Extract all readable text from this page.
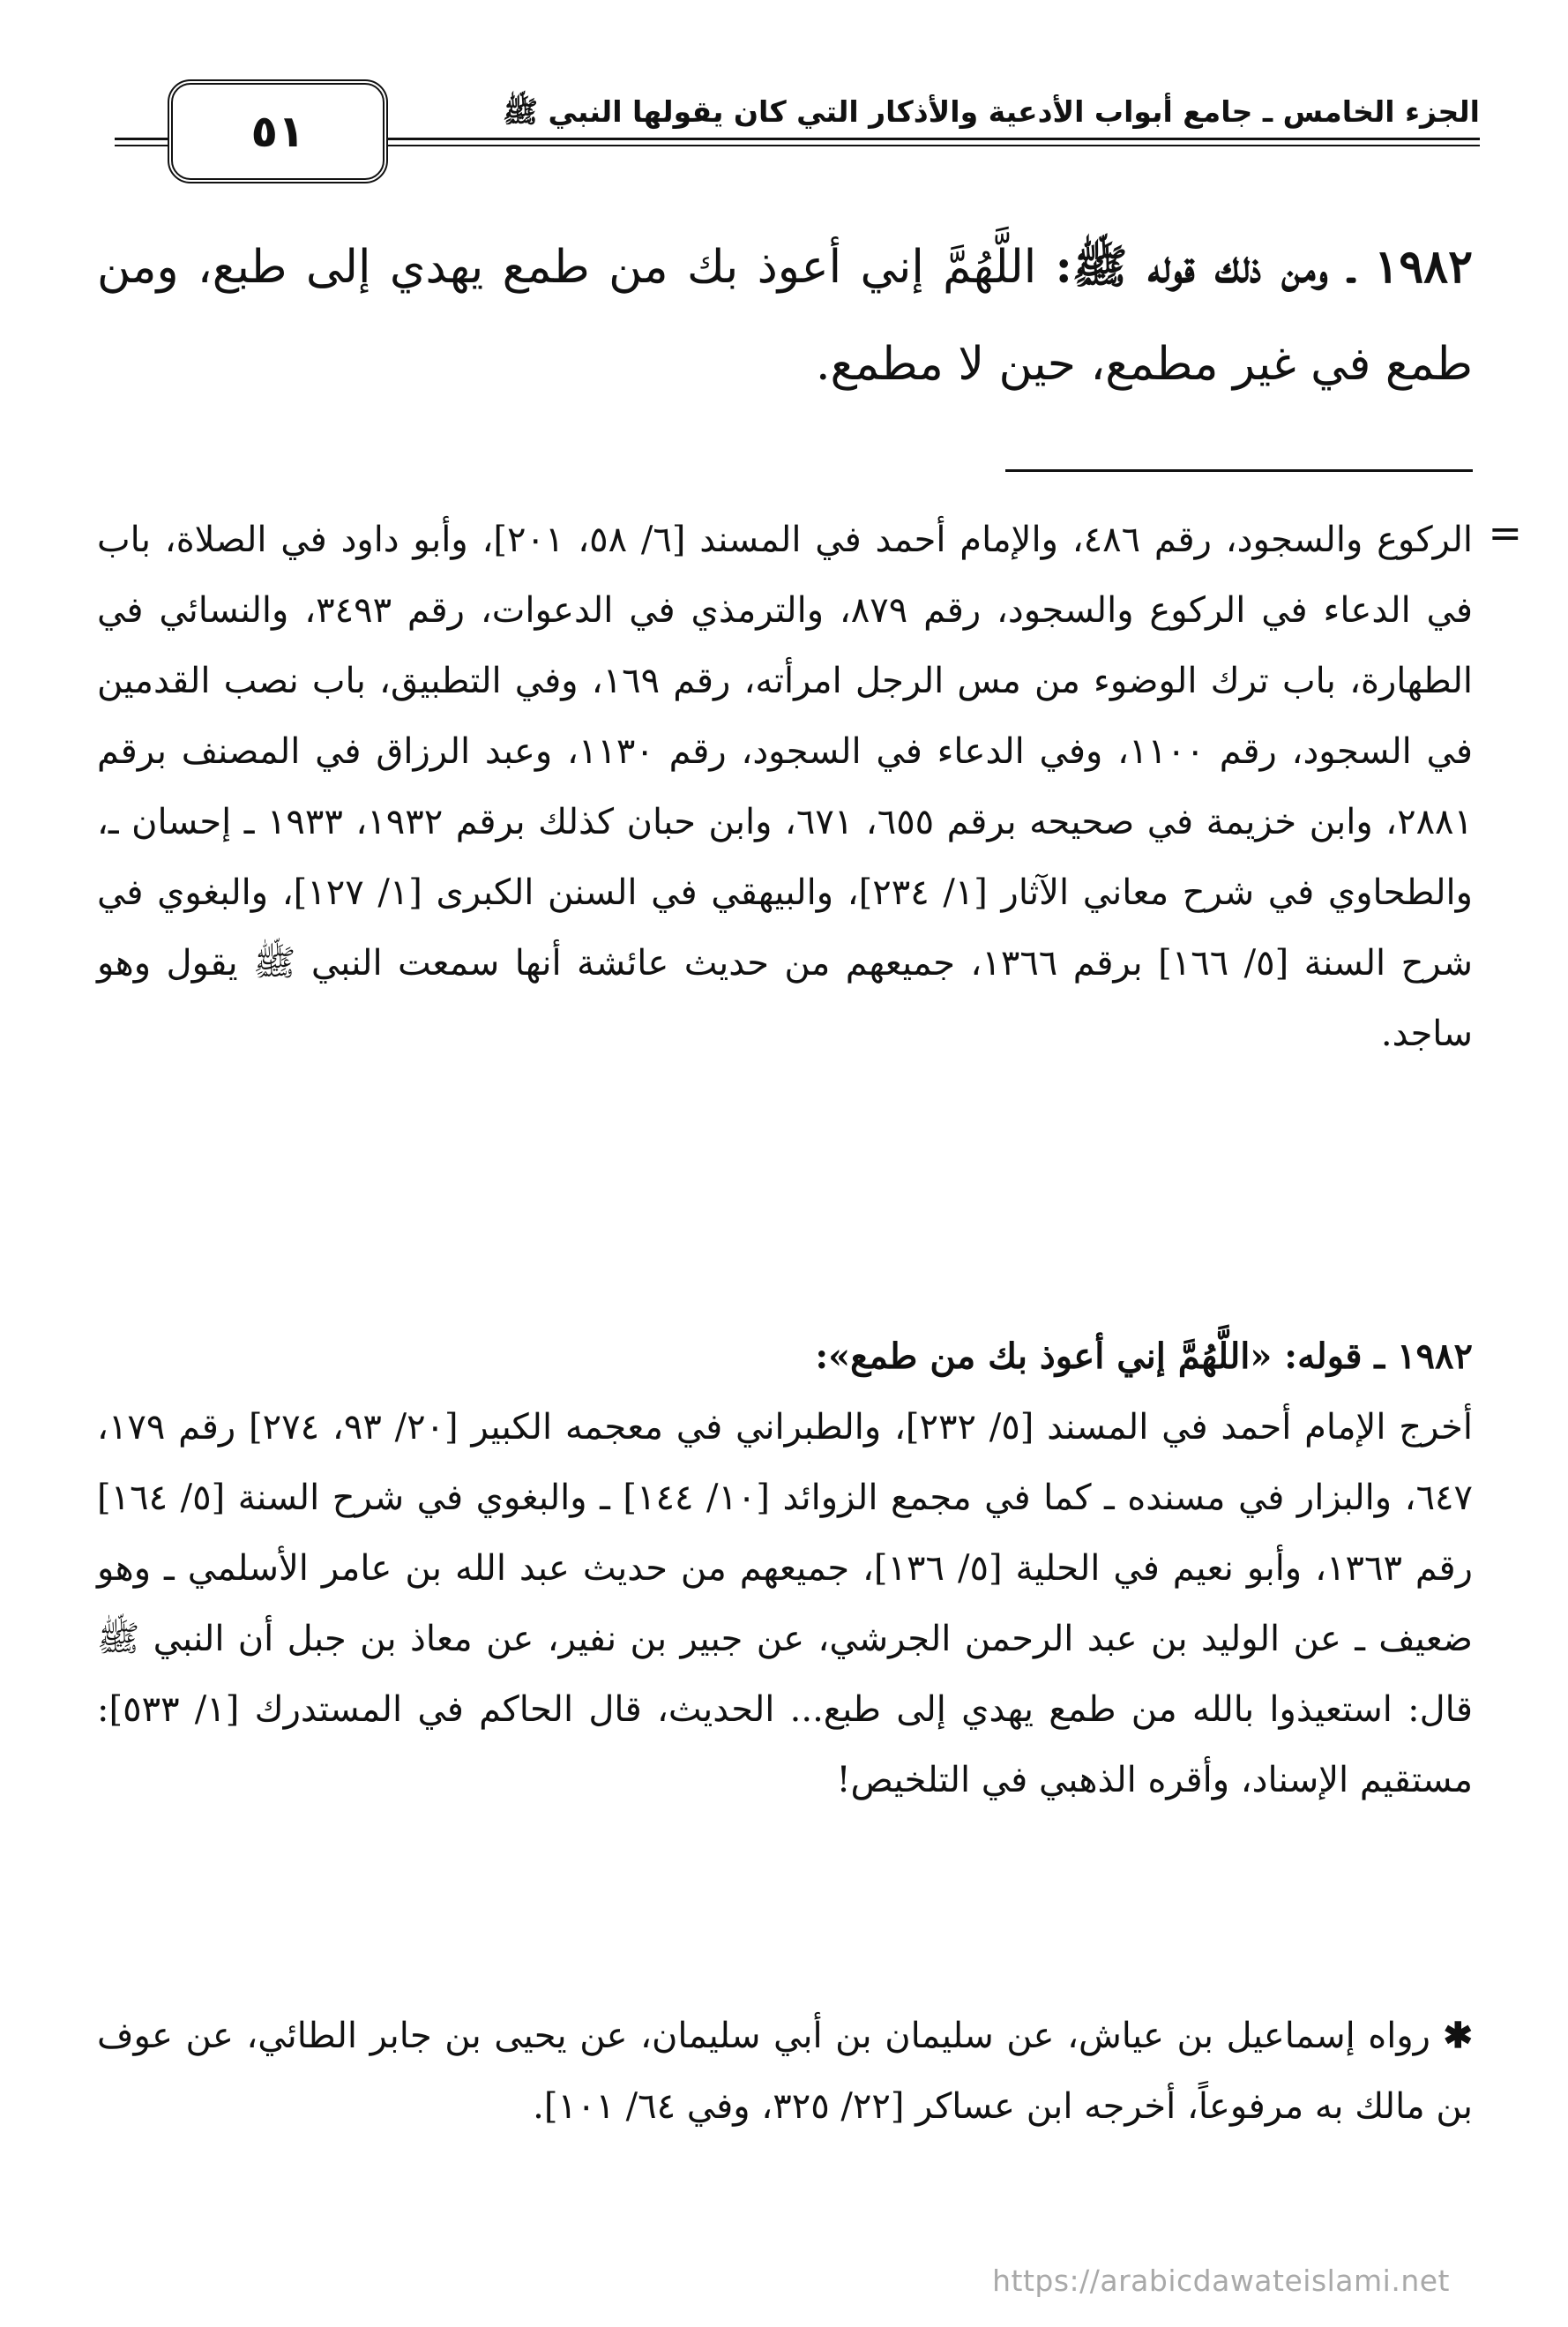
الجزء الخامس ـ جامع أبواب الأدعية والأذكار التي كان يقولها النبي ﷺ
٥١
١٩٨٢ ـ ومن ذلك قوله ﷺ: اللَّهُمَّ إني أعوذ بك من طمع يهدي إلى طبع، ومن طمع في غير مطمع، حين لا مطمع.
=
الركوع والسجود، رقم ٤٨٦، والإمام أحمد في المسند [٦/ ٥٨، ٢٠١]، وأبو داود في الصلاة، باب في الدعاء في الركوع والسجود، رقم ٨٧٩، والترمذي في الدعوات، رقم ٣٤٩٣، والنسائي في الطهارة، باب ترك الوضوء من مس الرجل امرأته، رقم ١٦٩، وفي التطبيق، باب نصب القدمين في السجود، رقم ١١٠٠، وفي الدعاء في السجود، رقم ١١٣٠، وعبد الرزاق في المصنف برقم ٢٨٨١، وابن خزيمة في صحيحه برقم ٦٥٥، ٦٧١، وابن حبان كذلك برقم ١٩٣٢، ١٩٣٣ ـ إحسان ـ، والطحاوي في شرح معاني الآثار [١/ ٢٣٤]، والبيهقي في السنن الكبرى [١/ ١٢٧]، والبغوي في شرح السنة [٥/ ١٦٦] برقم ١٣٦٦، جميعهم من حديث عائشة أنها سمعت النبي ﷺ يقول وهو ساجد.
١٩٨٢ ـ قوله: «اللَّهُمَّ إني أعوذ بك من طمع»:
أخرج الإمام أحمد في المسند [٥/ ٢٣٢]، والطبراني في معجمه الكبير [٢٠/ ٩٣، ٢٧٤] رقم ١٧٩، ٦٤٧، والبزار في مسنده ـ كما في مجمع الزوائد [١٠/ ١٤٤] ـ والبغوي في شرح السنة [٥/ ١٦٤] رقم ١٣٦٣، وأبو نعيم في الحلية [٥/ ١٣٦]، جميعهم من حديث عبد الله بن عامر الأسلمي ـ وهو ضعيف ـ عن الوليد بن عبد الرحمن الجرشي، عن جبير بن نفير، عن معاذ بن جبل أن النبي ﷺ قال: استعيذوا بالله من طمع يهدي إلى طبع... الحديث، قال الحاكم في المستدرك [١/ ٥٣٣]: مستقيم الإسناد، وأقره الذهبي في التلخيص!
✱ رواه إسماعيل بن عياش، عن سليمان بن أبي سليمان، عن يحيى بن جابر الطائي، عن عوف بن مالك به مرفوعاً، أخرجه ابن عساكر [٢٢/ ٣٢٥، وفي ٦٤/ ١٠١].
https://arabicdawateislami.net
